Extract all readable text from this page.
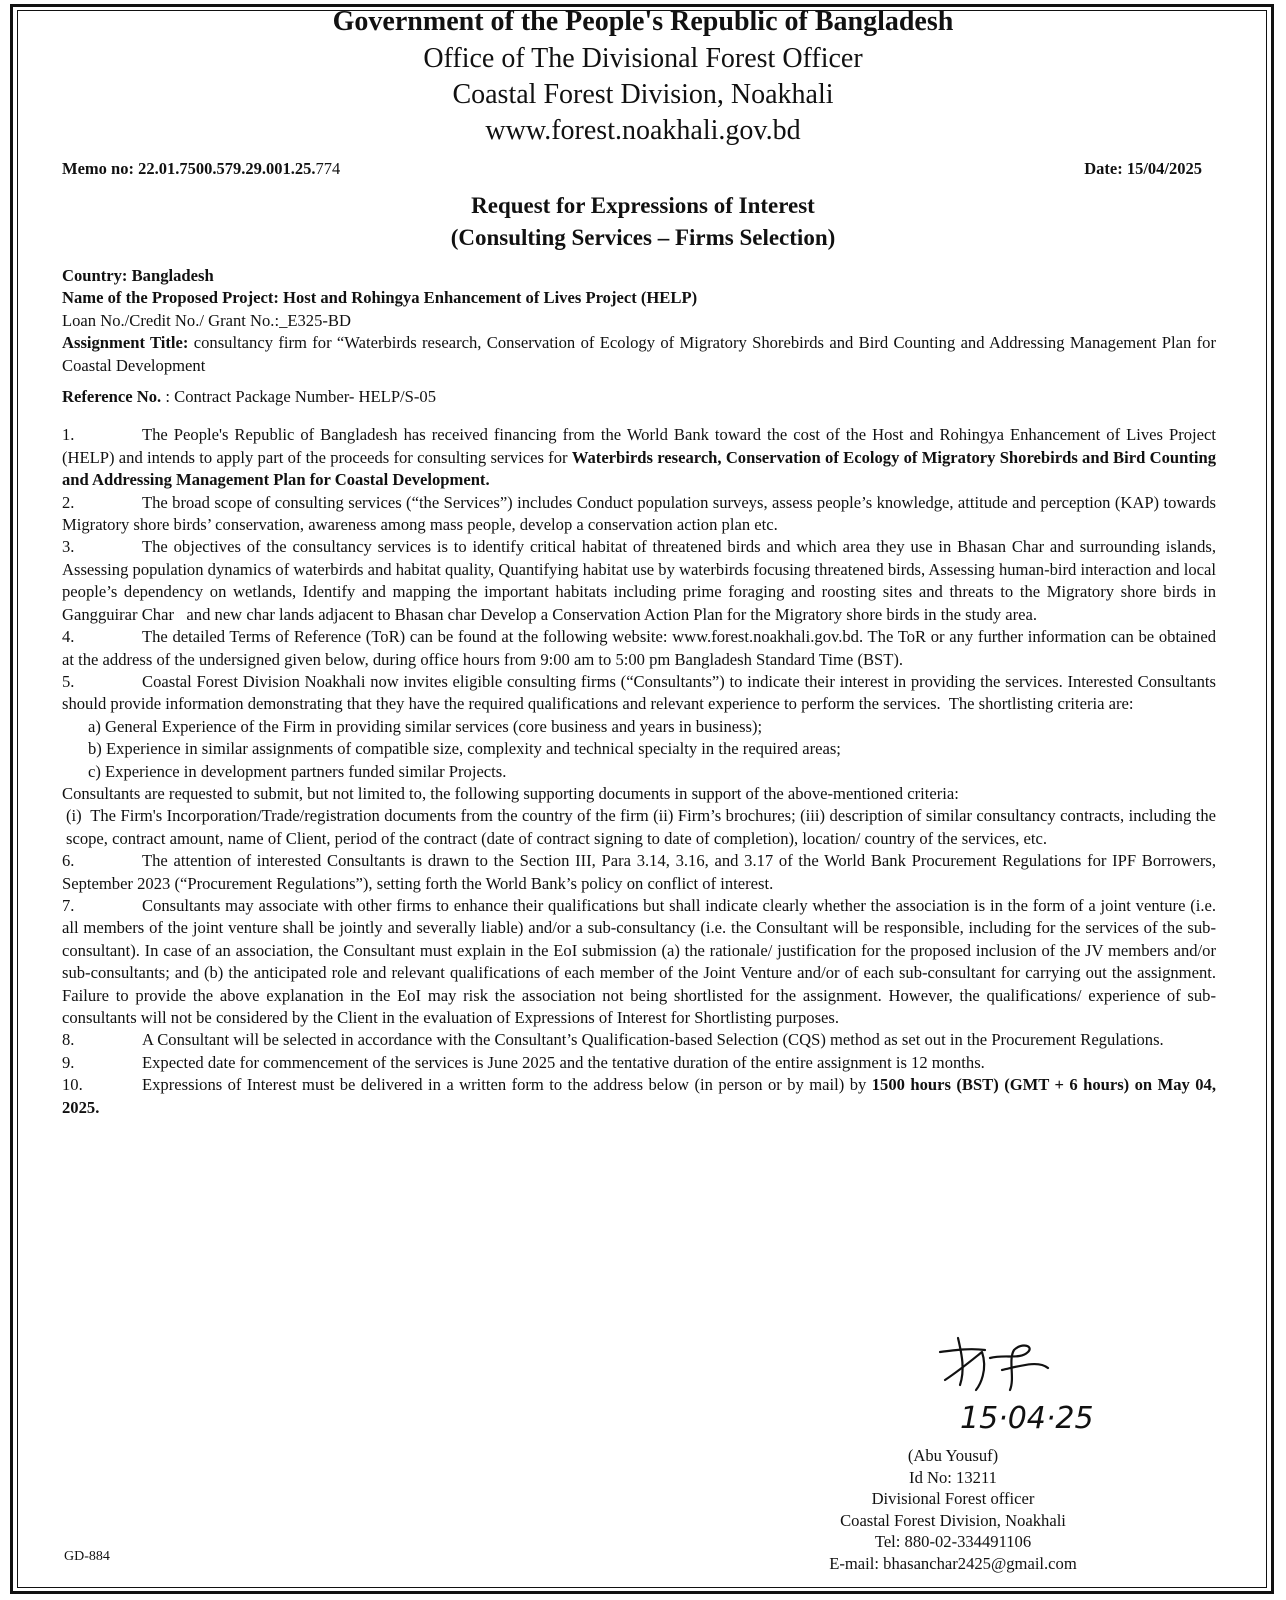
Government of the People's Republic of Bangladesh
Office of The Divisional Forest Officer
Coastal Forest Division, Noakhali
www.forest.noakhali.gov.bd
Memo no: 22.01.7500.579.29.001.25.774	Date: 15/04/2025
Request for Expressions of Interest
(Consulting Services – Firms Selection)

Country: Bangladesh

Name of the Proposed Project: Host and Rohingya Enhancement of Lives Project (HELP)

Loan No./Credit No./ Grant No.:_E325-BD

Assignment Title: consultancy firm for “Waterbirds research, Conservation of Ecology of Migratory Shorebirds and Bird Counting and Addressing Management Plan for Coastal Development

Reference No. : Contract Package Number- HELP/S-05

1.	The People's Republic of Bangladesh has received financing from the World Bank toward the cost of the Host and Rohingya Enhancement of Lives Project (HELP) and intends to apply part of the proceeds for consulting services for Waterbirds research, Conservation of Ecology of Migratory Shorebirds and Bird Counting and Addressing Management Plan for Coastal Development.

2.	The broad scope of consulting services (“the Services”) includes Conduct population surveys, assess people’s knowledge, attitude and perception (KAP) towards Migratory shore birds’ conservation, awareness among mass people, develop a conservation action plan etc.

3.	The objectives of the consultancy services is to identify critical habitat of threatened birds and which area they use in Bhasan Char and surrounding islands, Assessing population dynamics of waterbirds and habitat quality, Quantifying habitat use by waterbirds focusing threatened birds, Assessing human-bird interaction and local people’s dependency on wetlands, Identify and mapping the important habitats including prime foraging and roosting sites and threats to the Migratory shore birds in Gangguirar Char   and new char lands adjacent to Bhasan char Develop a Conservation Action Plan for the Migratory shore birds in the study area.

4.	The detailed Terms of Reference (ToR) can be found at the following website: www.forest.noakhali.gov.bd. The ToR or any further information can be obtained at the address of the undersigned given below, during office hours from 9:00 am to 5:00 pm Bangladesh Standard Time (BST).

5.	Coastal Forest Division Noakhali now invites eligible consulting firms (“Consultants”) to indicate their interest in providing the services. Interested Consultants should provide information demonstrating that they have the required qualifications and relevant experience to perform the services.  The shortlisting criteria are:

a) General Experience of the Firm in providing similar services (core business and years in business);

b) Experience in similar assignments of compatible size, complexity and technical specialty in the required areas;

c) Experience in development partners funded similar Projects.

Consultants are requested to submit, but not limited to, the following supporting documents in support of the above-mentioned criteria:

(i)  The Firm's Incorporation/Trade/registration documents from the country of the firm (ii) Firm’s brochures; (iii) description of similar consultancy contracts, including the scope, contract amount, name of Client, period of the contract (date of contract signing to date of completion), location/ country of the services, etc.

6.	The attention of interested Consultants is drawn to the Section III, Para 3.14, 3.16, and 3.17 of the World Bank Procurement Regulations for IPF Borrowers, September 2023 (“Procurement Regulations”), setting forth the World Bank’s policy on conflict of interest.

7.	Consultants may associate with other firms to enhance their qualifications but shall indicate clearly whether the association is in the form of a joint venture (i.e. all members of the joint venture shall be jointly and severally liable) and/or a sub-consultancy (i.e. the Consultant will be responsible, including for the services of the sub-consultant). In case of an association, the Consultant must explain in the EoI submission (a) the rationale/ justification for the proposed inclusion of the JV members and/or sub-consultants; and (b) the anticipated role and relevant qualifications of each member of the Joint Venture and/or of each sub-consultant for carrying out the assignment. Failure to provide the above explanation in the EoI may risk the association not being shortlisted for the assignment. However, the qualifications/ experience of sub-consultants will not be considered by the Client in the evaluation of Expressions of Interest for Shortlisting purposes.

8.	A Consultant will be selected in accordance with the Consultant’s Qualification-based Selection (CQS) method as set out in the Procurement Regulations.

9.	Expected date for commencement of the services is June 2025 and the tentative duration of the entire assignment is 12 months.

10.	Expressions of Interest must be delivered in a written form to the address below (in person or by mail) by 1500 hours (BST) (GMT + 6 hours) on May 04, 2025.

15·04·25
(Abu Yousuf)
Id No: 13211
Divisional Forest officer
Coastal Forest Division, Noakhali
Tel: 880-02-334491106
E-mail: bhasanchar2425@gmail.com
GD-884
